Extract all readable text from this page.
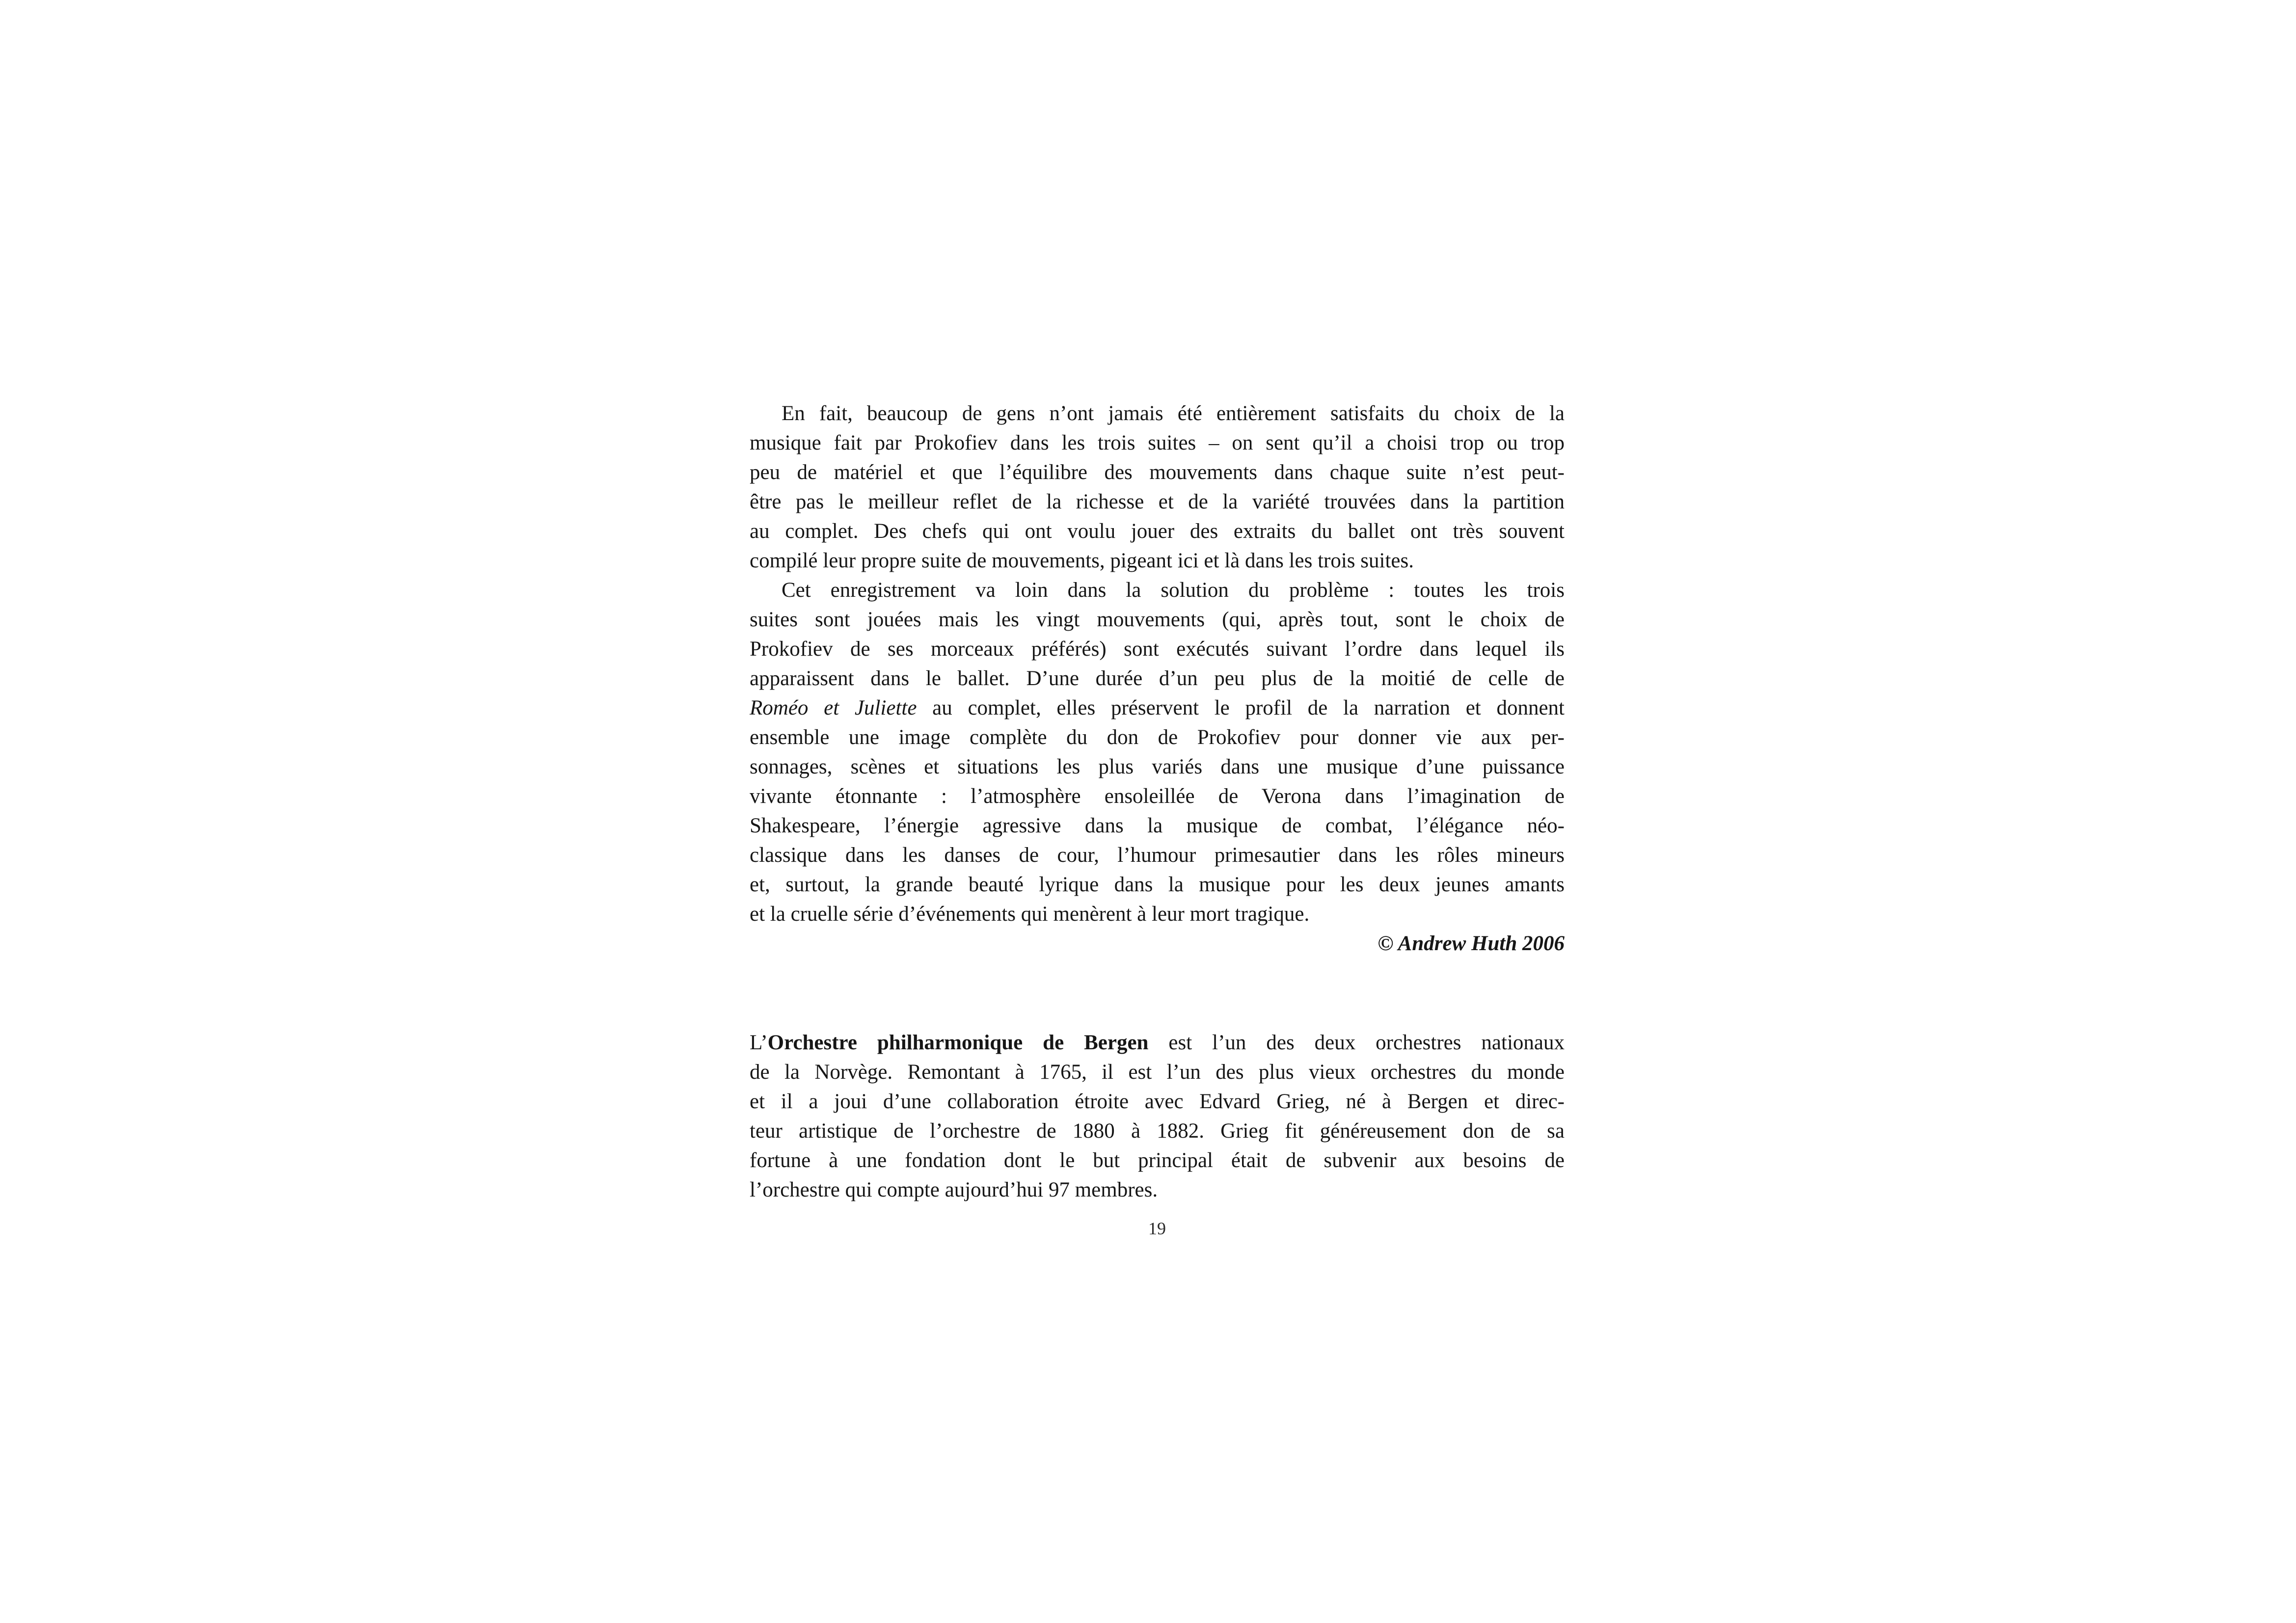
En fait, beaucoup de gens n’ont jamais été entièrement satisfaits du choix de la
musique fait par Prokofiev dans les trois suites – on sent qu’il a choisi trop ou trop
peu de matériel et que l’équilibre des mouvements dans chaque suite n’est peut-
être pas le meilleur reflet de la richesse et de la variété trouvées dans la partition
au complet. Des chefs qui ont voulu jouer des extraits du ballet ont très souvent
compilé leur propre suite de mouvements, pigeant ici et là dans les trois suites.
Cet enregistrement va loin dans la solution du problème : toutes les trois
suites sont jouées mais les vingt mouvements (qui, après tout, sont le choix de
Prokofiev de ses morceaux préférés) sont exécutés suivant l’ordre dans lequel ils
apparaissent dans le ballet. D’une durée d’un peu plus de la moitié de celle de
Roméo et Juliette au complet, elles préservent le profil de la narration et donnent
ensemble une image complète du don de Prokofiev pour donner vie aux per-
sonnages, scènes et situations les plus variés dans une musique d’une puissance
vivante étonnante : l’atmosphère ensoleillée de Verona dans l’imagination de
Shakespeare, l’énergie agressive dans la musique de combat, l’élégance néo-
classique dans les danses de cour, l’humour primesautier dans les rôles mineurs
et, surtout, la grande beauté lyrique dans la musique pour les deux jeunes amants
et la cruelle série d’événements qui menèrent à leur mort tragique.
© Andrew Huth 2006
L’Orchestre philharmonique de Bergen est l’un des deux orchestres nationaux
de la Norvège. Remontant à 1765, il est l’un des plus vieux orchestres du monde
et il a joui d’une collaboration étroite avec Edvard Grieg, né à Bergen et direc-
teur artistique de l’orchestre de 1880 à 1882. Grieg fit généreusement don de sa
fortune à une fondation dont le but principal était de subvenir aux besoins de
l’orchestre qui compte aujourd’hui 97 membres.
19
